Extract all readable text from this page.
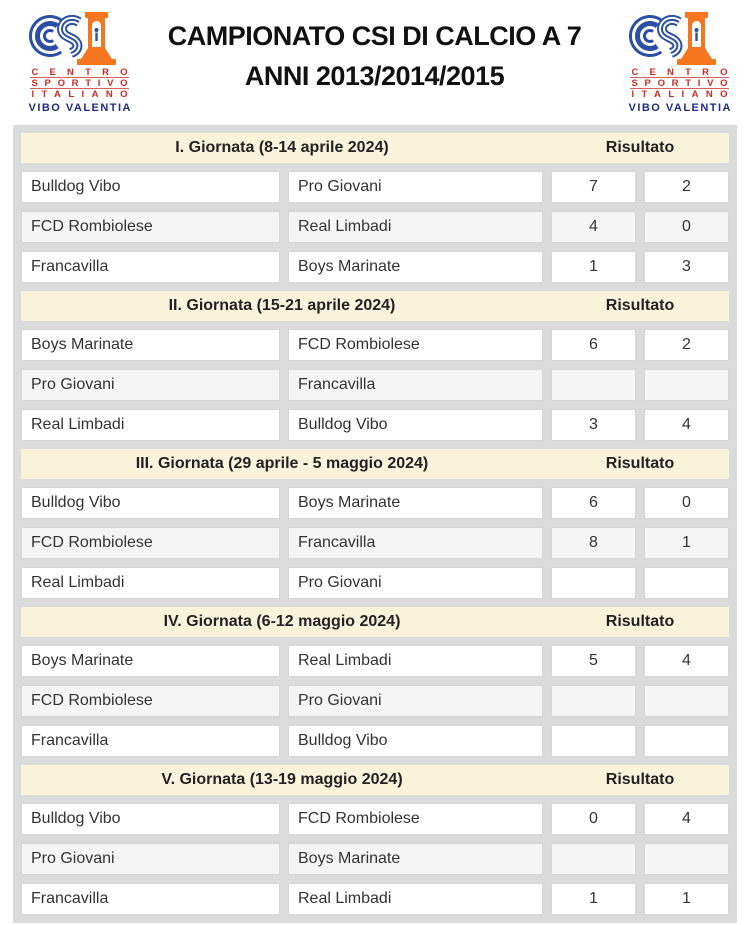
CENTRO
SPORTIVO
ITALIANO
VIBO VALENTIA
CAMPIONATO CSI DI CALCIO A 7
ANNI 2013/2014/2015	CENTRO
SPORTIVO
ITALIANO
VIBO VALENTIA
I. Giornata (8-14 aprile 2024)	Risultato
Bulldog Vibo	Pro Giovani	7	2
FCD Rombiolese	Real Limbadi	4	0
Francavilla	Boys Marinate	1	3
II. Giornata (15-21 aprile 2024)	Risultato
Boys Marinate	FCD Rombiolese	6	2
Pro Giovani	Francavilla
Real Limbadi	Bulldog Vibo	3	4
III. Giornata (29 aprile - 5 maggio 2024)	Risultato
Bulldog Vibo	Boys Marinate	6	0
FCD Rombiolese	Francavilla	8	1
Real Limbadi	Pro Giovani
IV. Giornata (6-12 maggio 2024)	Risultato
Boys Marinate	Real Limbadi	5	4
FCD Rombiolese	Pro Giovani
Francavilla	Bulldog Vibo
V. Giornata (13-19 maggio 2024)	Risultato
Bulldog Vibo	FCD Rombiolese	0	4
Pro Giovani	Boys Marinate
Francavilla	Real Limbadi	1	1
